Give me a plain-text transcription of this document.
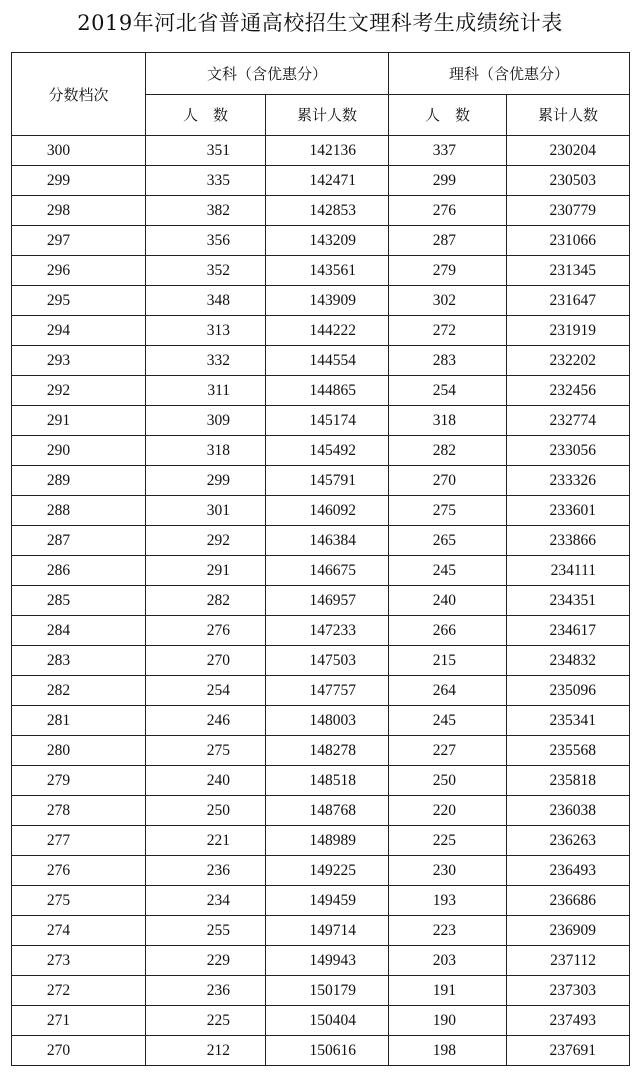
2019年河北省普通高校招生文理科考生成绩统计表
分数档次	文科（含优惠分）		理科（含优惠分）	
	人　数	累计人数	人　数	累计人数
300	351	142136	337	230204
299	335	142471	299	230503
298	382	142853	276	230779
297	356	143209	287	231066
296	352	143561	279	231345
295	348	143909	302	231647
294	313	144222	272	231919
293	332	144554	283	232202
292	311	144865	254	232456
291	309	145174	318	232774
290	318	145492	282	233056
289	299	145791	270	233326
288	301	146092	275	233601
287	292	146384	265	233866
286	291	146675	245	234111
285	282	146957	240	234351
284	276	147233	266	234617
283	270	147503	215	234832
282	254	147757	264	235096
281	246	148003	245	235341
280	275	148278	227	235568
279	240	148518	250	235818
278	250	148768	220	236038
277	221	148989	225	236263
276	236	149225	230	236493
275	234	149459	193	236686
274	255	149714	223	236909
273	229	149943	203	237112
272	236	150179	191	237303
271	225	150404	190	237493
270	212	150616	198	237691
